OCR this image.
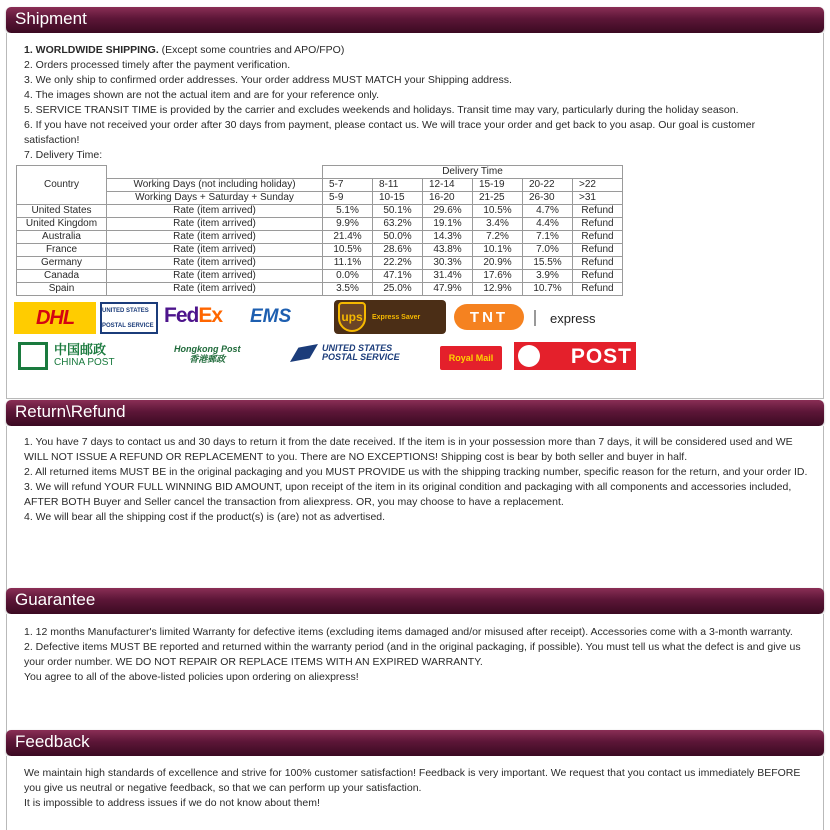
Shipment

1. WORLDWIDE SHIPPING. (Except some countries and APO/FPO)

2. Orders processed timely after the payment verification.

3. We only ship to confirmed order addresses. Your order address MUST MATCH your Shipping address.

4. The images shown are not the actual item and are for your reference only.

5. SERVICE TRANSIT TIME is provided by the carrier and excludes weekends and holidays. Transit time may vary, particularly during the holiday season.

6. If you have not received your order after 30 days from payment, please contact us. We will trace your order and get back to you asap. Our goal is customer satisfaction!

7. Delivery Time:

Country		Delivery Time					
	Working Days (not including holiday)	5-7	8-11	12-14	15-19	20-22	>22
	Working Days + Saturday + Sunday	5-9	10-15	16-20	21-25	26-30	>31
United States	Rate (item arrived)	5.1%	50.1%	29.6%	10.5%	4.7%	Refund
United Kingdom	Rate (item arrived)	9.9%	63.2%	19.1%	3.4%	4.4%	Refund
Australia	Rate (item arrived)	21.4%	50.0%	14.3%	7.2%	7.1%	Refund
France	Rate (item arrived)	10.5%	28.6%	43.8%	10.1%	7.0%	Refund
Germany	Rate (item arrived)	11.1%	22.2%	30.3%	20.9%	15.5%	Refund
Canada	Rate (item arrived)	0.0%	47.1%	31.4%	17.6%	3.9%	Refund
Spain	Rate (item arrived)	3.5%	25.0%	47.9%	12.9%	10.7%	Refund
DHL	UNITED STATES POSTAL SERVICE Fed Ex EMS	ups	Express Saver	TNT	express
中国邮政
CHINA POST
Hongkong Post
香港郵政
UNITED STATES
POSTAL SERVICE	Royal Mail	POST
Return\Refund

1. You have 7 days to contact us and 30 days to return it from the date received. If the item is in your possession more than 7 days, it will be considered used and WE WILL NOT ISSUE A REFUND OR REPLACEMENT to you. There are NO EXCEPTIONS! Shipping cost is bear by both seller and buyer in half.

2. All returned items MUST BE in the original packaging and you MUST PROVIDE us with the shipping tracking number, specific reason for the return, and your order ID.

3. We will refund YOUR FULL WINNING BID AMOUNT, upon receipt of the item in its original condition and packaging with all components and accessories included, AFTER BOTH Buyer and Seller cancel the transaction from aliexpress. OR, you may choose to have a replacement.

4. We will bear all the shipping cost if the product(s) is (are) not as advertised.

Guarantee

1. 12 months Manufacturer's limited Warranty for defective items (excluding items damaged and/or misused after receipt). Accessories come with a 3-month warranty.

2. Defective items MUST BE reported and returned within the warranty period (and in the original packaging, if possible). You must tell us what the defect is and give us your order number. WE DO NOT REPAIR OR REPLACE ITEMS WITH AN EXPIRED WARRANTY.

You agree to all of the above-listed policies upon ordering on aliexpress!

Feedback

We maintain high standards of excellence and strive for 100% customer satisfaction! Feedback is very important. We request that you contact us immediately BEFORE you give us neutral or negative feedback, so that we can perform up your satisfaction.

It is impossible to address issues if we do not know about them!
